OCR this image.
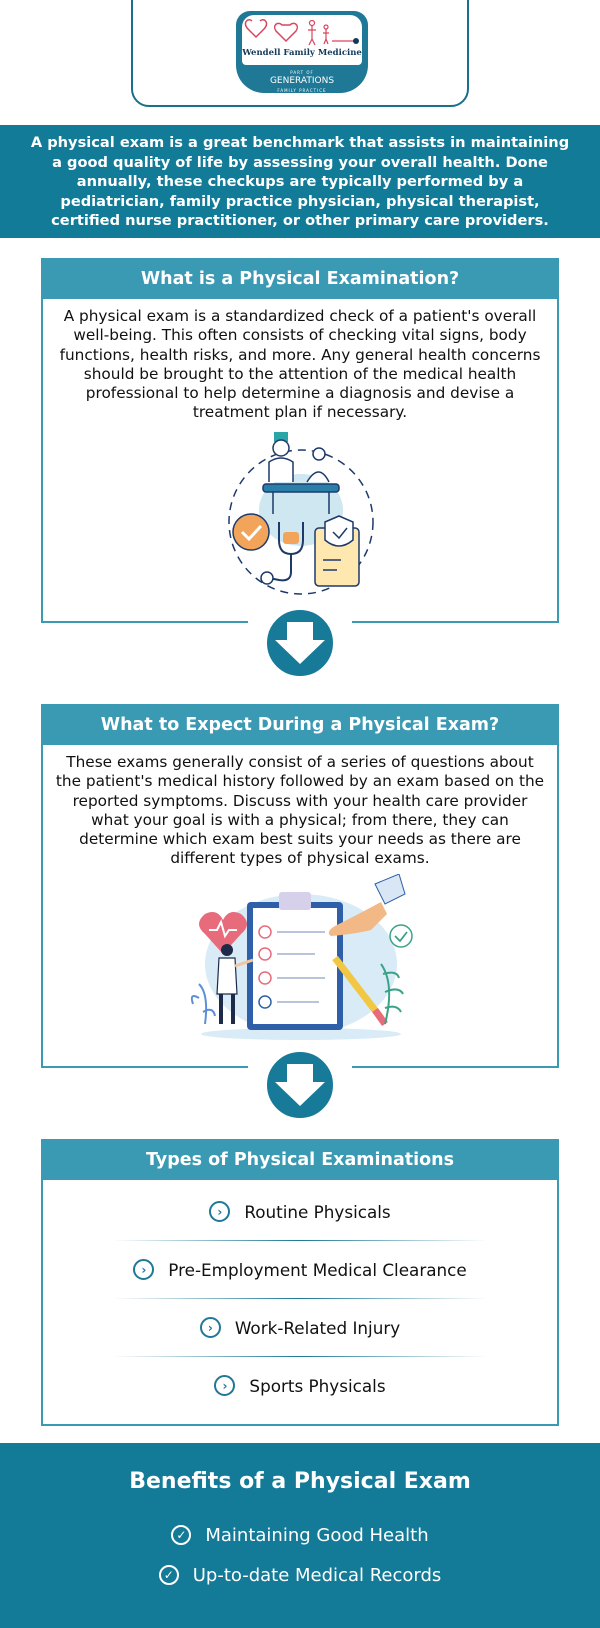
Wendell Family Medicine
PART OF
GENERATIONS
FAMILY PRACTICE

A physical exam is a great benchmark that assists in maintaining a good quality of life by assessing your overall health. Done annually, these checkups are typically performed by a pediatrician, family practice physician, physical therapist, certified nurse practitioner, or other primary care providers.

What is a Physical Examination?
A physical exam is a standardized check of a patient's overall well-being. This often consists of checking vital signs, body functions, health risks, and more. Any general health concerns should be brought to the attention of the medical health professional to help determine a diagnosis and devise a treatment plan if necessary.
What to Expect During a Physical Exam?
These exams generally consist of a series of questions about the patient's medical history followed by an exam based on the reported symptoms. Discuss with your health care provider what your goal is with a physical; from there, they can determine which exam best suits your needs as there are different types of physical exams.
Types of Physical Examinations
›	Routine Physicals
›	Pre-Employment Medical Clearance
›	Work-Related Injury
›	Sports Physicals
Benefits of a Physical Exam
✓ Maintaining Good Health
✓ Up-to-date Medical Records
